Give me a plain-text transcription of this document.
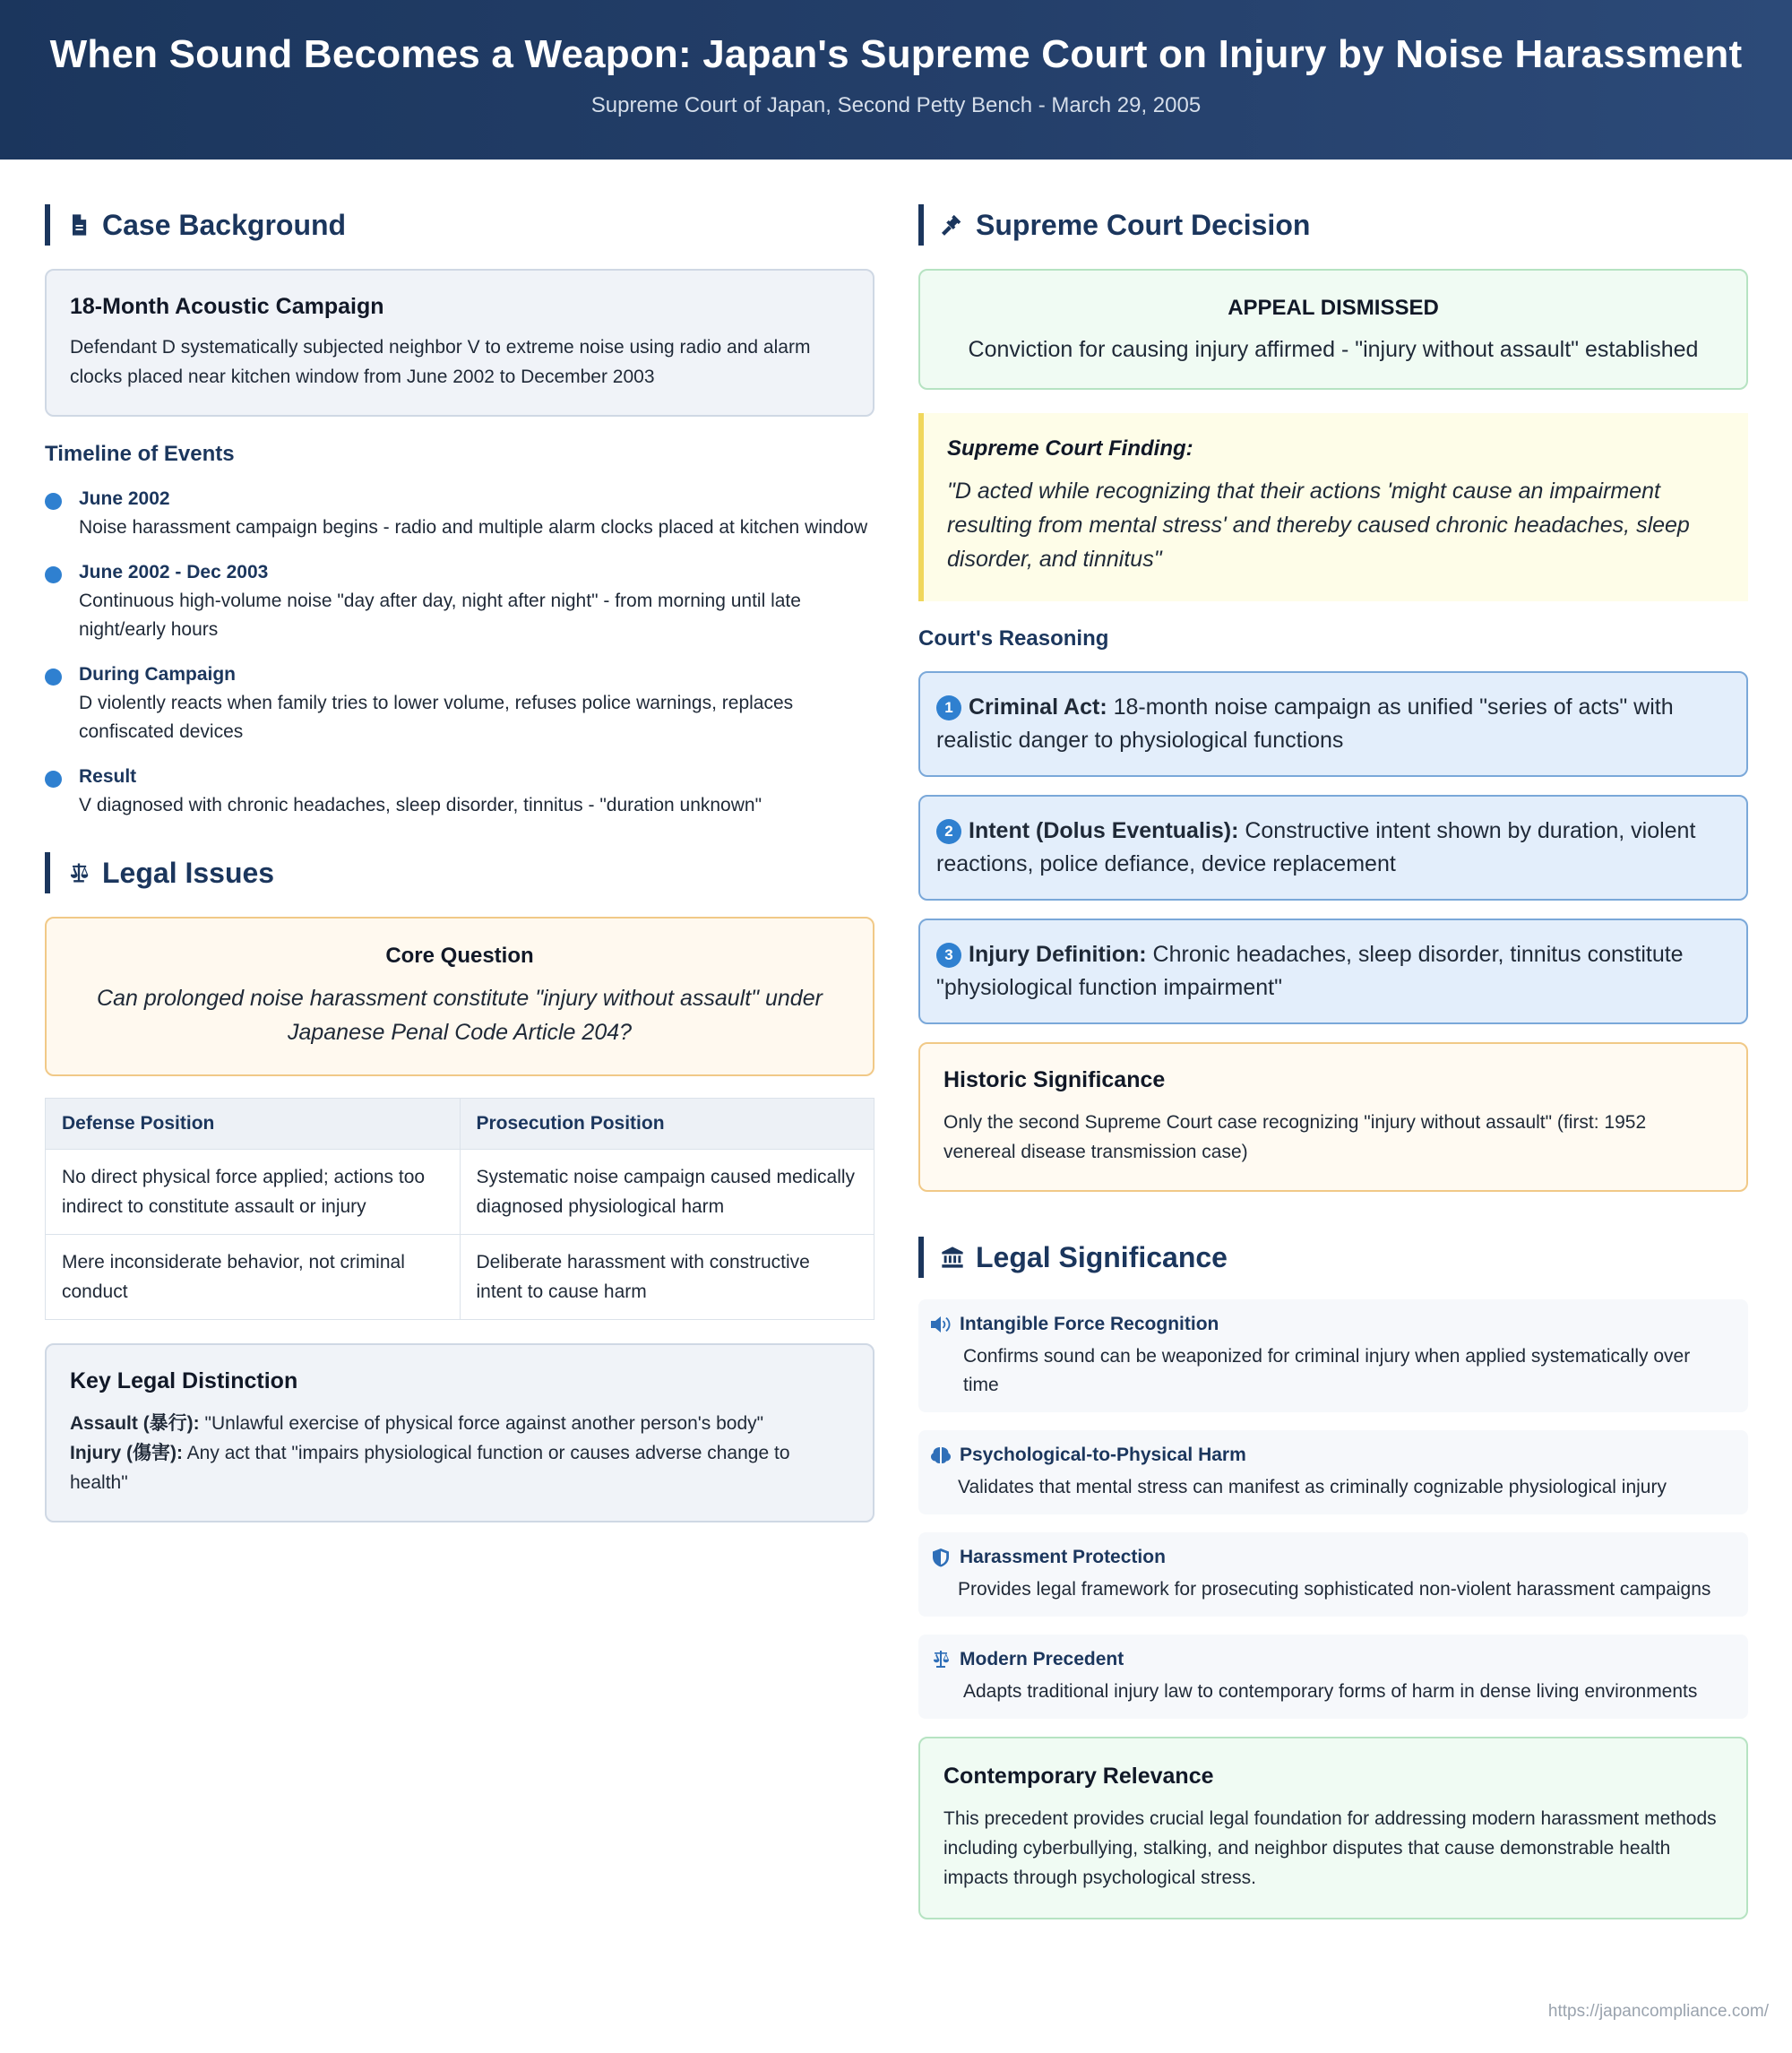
When Sound Becomes a Weapon: Japan's Supreme Court on Injury by Noise Harassment
Supreme Court of Japan, Second Petty Bench - March 29, 2005
Case Background
18-Month Acoustic Campaign
Defendant D systematically subjected neighbor V to extreme noise using radio and alarm clocks placed near kitchen window from June 2002 to December 2003
Timeline of Events
June 2002
Noise harassment campaign begins - radio and multiple alarm clocks placed at kitchen window
June 2002 - Dec 2003
Continuous high-volume noise "day after day, night after night" - from morning until late night/early hours
During Campaign
D violently reacts when family tries to lower volume, refuses police warnings, replaces confiscated devices
Result
V diagnosed with chronic headaches, sleep disorder, tinnitus - "duration unknown"
Legal Issues
Core Question
Can prolonged noise harassment constitute "injury without assault" under Japanese Penal Code Article 204?
Defense Position	Prosecution Position
No direct physical force applied; actions too indirect to constitute assault or injury	Systematic noise campaign caused medically diagnosed physiological harm
Mere inconsiderate behavior, not criminal conduct	Deliberate harassment with constructive intent to cause harm
Key Legal Distinction
Assault (暴行): "Unlawful exercise of physical force against another person's body"
Injury (傷害): Any act that "impairs physiological function or causes adverse change to health"
Supreme Court Decision
APPEAL DISMISSED
Conviction for causing injury affirmed - "injury without assault" established
Supreme Court Finding:
"D acted while recognizing that their actions 'might cause an impairment resulting from mental stress' and thereby caused chronic headaches, sleep disorder, and tinnitus"
Court's Reasoning
1 Criminal Act: 18-month noise campaign as unified "series of acts" with realistic danger to physiological functions
2 Intent (Dolus Eventualis): Constructive intent shown by duration, violent reactions, police defiance, device replacement
3 Injury Definition: Chronic headaches, sleep disorder, tinnitus constitute "physiological function impairment"
Historic Significance
Only the second Supreme Court case recognizing "injury without assault" (first: 1952 venereal disease transmission case)
Legal Significance
Intangible Force Recognition
Confirms sound can be weaponized for criminal injury when applied systematically over time
Psychological-to-Physical Harm
Validates that mental stress can manifest as criminally cognizable physiological injury
Harassment Protection
Provides legal framework for prosecuting sophisticated non-violent harassment campaigns
Modern Precedent
Adapts traditional injury law to contemporary forms of harm in dense living environments
Contemporary Relevance
This precedent provides crucial legal foundation for addressing modern harassment methods including cyberbullying, stalking, and neighbor disputes that cause demonstrable health impacts through psychological stress.
https://japancompliance.com/
